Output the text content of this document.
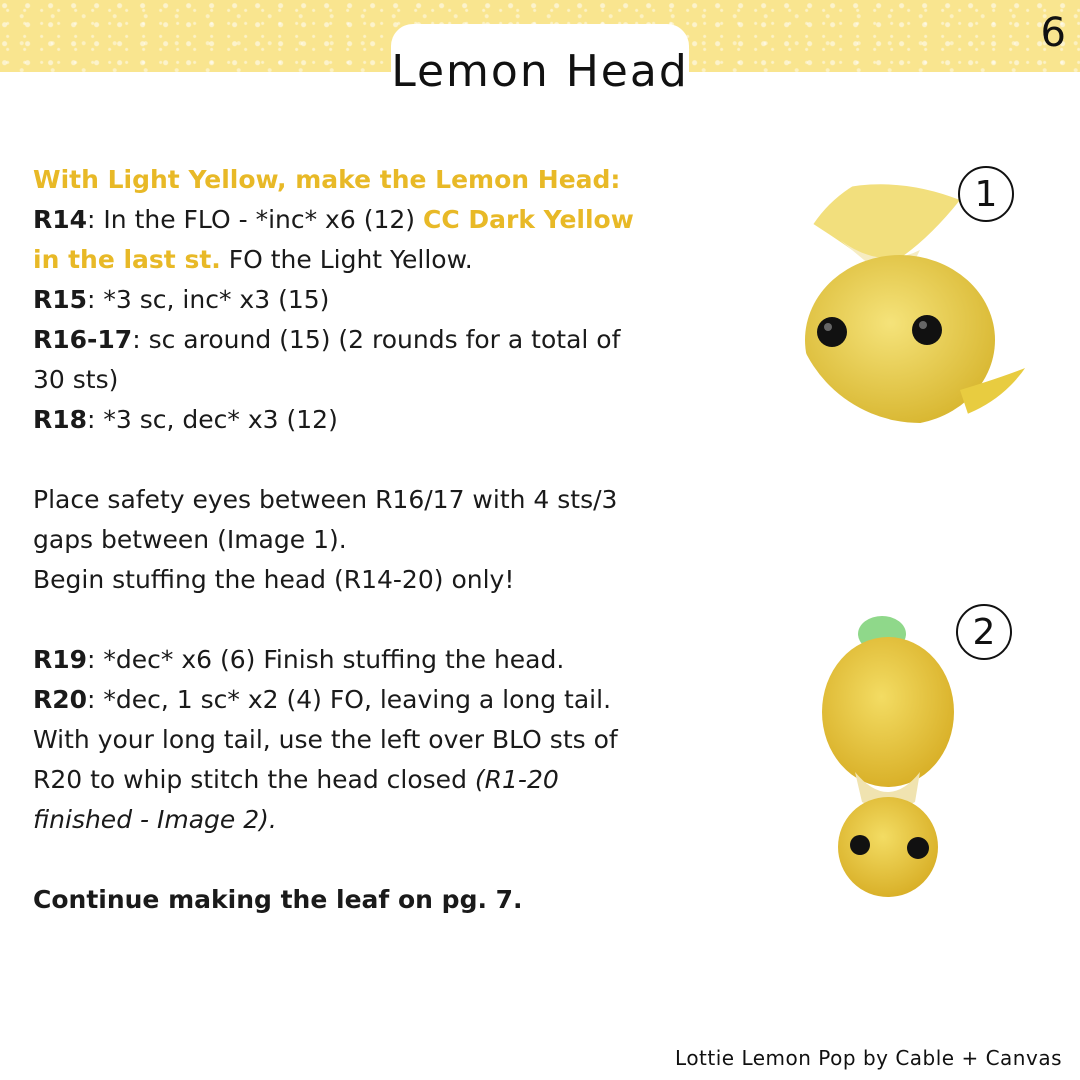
Lemon Head
6

With Light Yellow, make the Lemon Head:

R14: In the FLO - *inc* x6 (12) CC Dark Yellow in the last st. FO the Light Yellow.

R15: *3 sc, inc* x3 (15)

R16-17: sc around (15) (2 rounds for a total of 30 sts)

R18: *3 sc, dec* x3 (12)

Place safety eyes between R16/17 with 4 sts/3 gaps between (Image 1).

Begin stuffing the head (R14-20) only!

R19: *dec* x6 (6) Finish stuffing the head.

R20: *dec, 1 sc* x2 (4) FO, leaving a long tail.

With your long tail, use the left over BLO sts of R20 to whip stitch the head closed (R1-20 finished - Image 2).

Continue making the leaf on pg. 7.

1
2
Lottie Lemon Pop by Cable + Canvas
